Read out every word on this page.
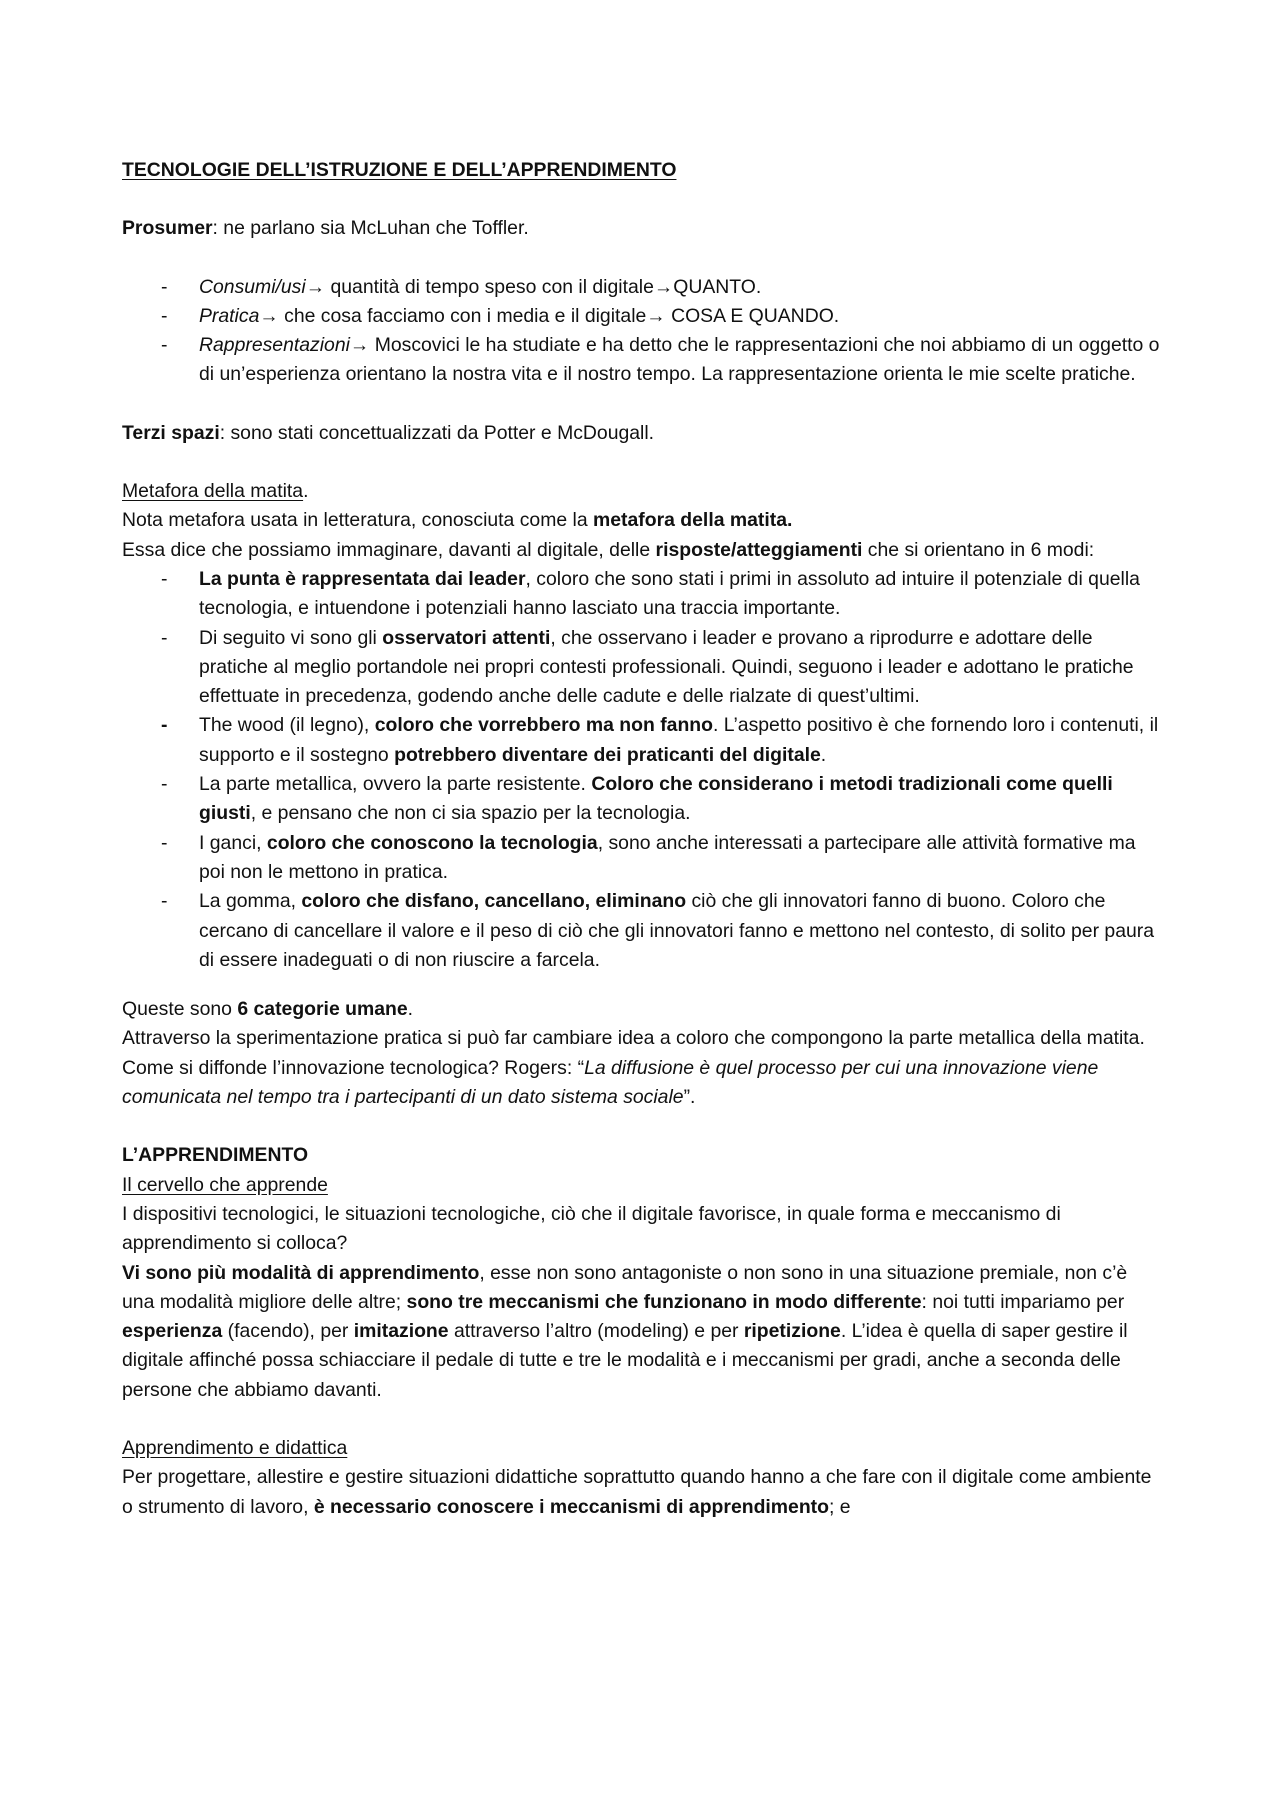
TECNOLOGIE DELL’ISTRUZIONE E DELL’APPRENDIMENTO

Prosumer: ne parlano sia McLuhan che Toffler.

- Consumi/usi→ quantità di tempo speso con il digitale→QUANTO.
- Pratica→ che cosa facciamo con i media e il digitale→ COSA E QUANDO.
- Rappresentazioni→ Moscovici le ha studiate e ha detto che le rappresentazioni che noi abbiamo di un oggetto o di un’esperienza orientano la nostra vita e il nostro tempo. La rappresentazione orienta le mie scelte pratiche.

Terzi spazi: sono stati concettualizzati da Potter e McDougall.

Metafora della matita.

Nota metafora usata in letteratura, conosciuta come la metafora della matita.

Essa dice che possiamo immaginare, davanti al digitale, delle risposte/atteggiamenti che si orientano in 6 modi:

- La punta è rappresentata dai leader, coloro che sono stati i primi in assoluto ad intuire il potenziale di quella tecnologia, e intuendone i potenziali hanno lasciato una traccia importante.
- Di seguito vi sono gli osservatori attenti, che osservano i leader e provano a riprodurre e adottare delle pratiche al meglio portandole nei propri contesti professionali. Quindi, seguono i leader e adottano le pratiche effettuate in precedenza, godendo anche delle cadute e delle rialzate di quest’ultimi.
- The wood (il legno), coloro che vorrebbero ma non fanno. L’aspetto positivo è che fornendo loro i contenuti, il supporto e il sostegno potrebbero diventare dei praticanti del digitale.
- La parte metallica, ovvero la parte resistente. Coloro che considerano i metodi tradizionali come quelli giusti, e pensano che non ci sia spazio per la tecnologia.
- I ganci, coloro che conoscono la tecnologia, sono anche interessati a partecipare alle attività formative ma poi non le mettono in pratica.
- La gomma, coloro che disfano, cancellano, eliminano ciò che gli innovatori fanno di buono. Coloro che cercano di cancellare il valore e il peso di ciò che gli innovatori fanno e mettono nel contesto, di solito per paura di essere inadeguati o di non riuscire a farcela.

Queste sono 6 categorie umane.

Attraverso la sperimentazione pratica si può far cambiare idea a coloro che compongono la parte metallica della matita.

Come si diffonde l’innovazione tecnologica? Rogers: “La diffusione è quel processo per cui una innovazione viene comunicata nel tempo tra i partecipanti di un dato sistema sociale”.

L’APPRENDIMENTO

Il cervello che apprende

I dispositivi tecnologici, le situazioni tecnologiche, ciò che il digitale favorisce, in quale forma e meccanismo di apprendimento si colloca?

Vi sono più modalità di apprendimento, esse non sono antagoniste o non sono in una situazione premiale, non c’è una modalità migliore delle altre; sono tre meccanismi che funzionano in modo differente: noi tutti impariamo per esperienza (facendo), per imitazione attraverso l’altro (modeling) e per ripetizione. L’idea è quella di saper gestire il digitale affinché possa schiacciare il pedale di tutte e tre le modalità e i meccanismi per gradi, anche a seconda delle persone che abbiamo davanti.

Apprendimento e didattica

Per progettare, allestire e gestire situazioni didattiche soprattutto quando hanno a che fare con il digitale come ambiente o strumento di lavoro, è necessario conoscere i meccanismi di apprendimento; e
